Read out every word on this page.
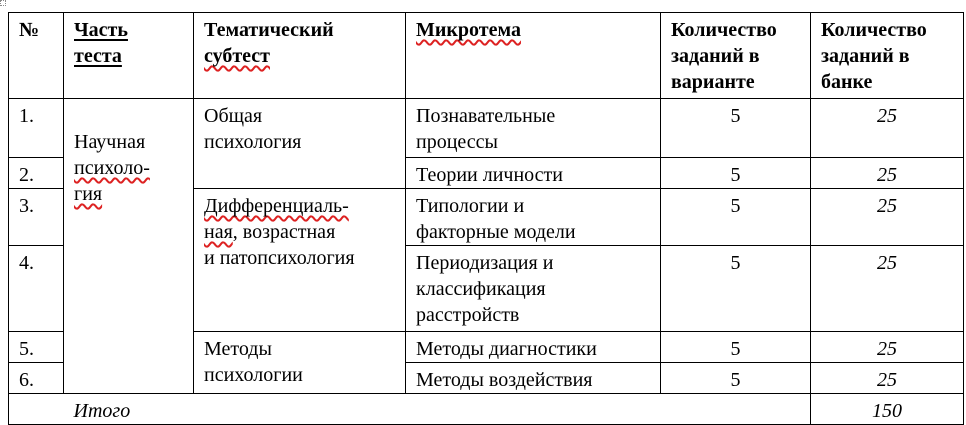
№	Часть
теста	Тематический
субтест	Микротема	Количество
заданий в
варианте	Количество
заданий в
банке
1.	Научная
психоло-
гия	Общая
психология	Познавательные
процессы	5	25
2.			Теории личности	5	25
3.		Дифференциаль-
ная, возрастная
и патопсихология	Типологии и
факторные модели	5	25
4.			Периодизация и
классификация
расстройств	5	25
5.		Методы
психологии	Методы диагностики	5	25
6.			Методы воздействия	5	25
	Итого				150
